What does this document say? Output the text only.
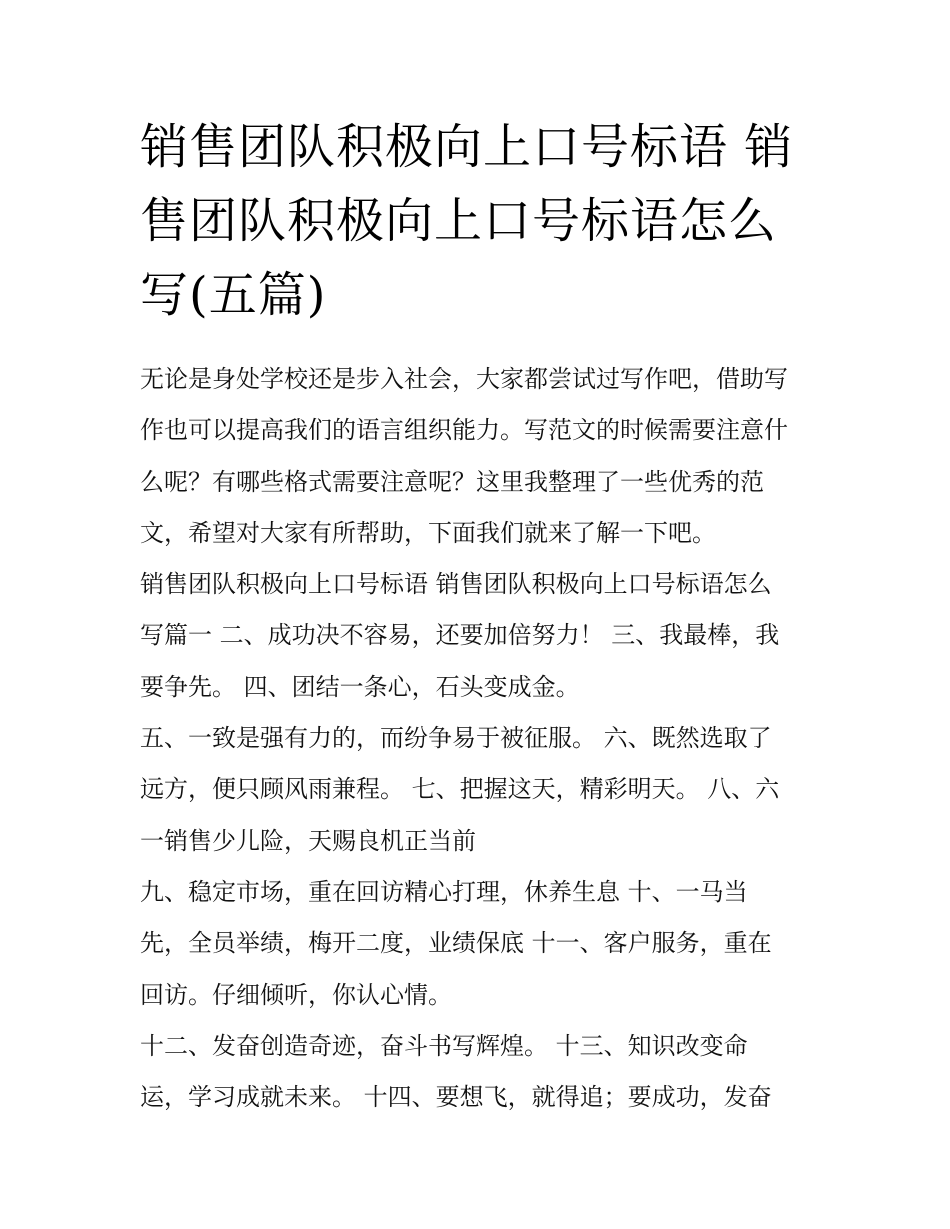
销售团队积极向上口号标语 销
售团队积极向上口号标语怎么
写(五篇)
无论是身处学校还是步入社会，大家都尝试过写作吧，借助写
作也可以提高我们的语言组织能力。写范文的时候需要注意什
么呢？有哪些格式需要注意呢？这里我整理了一些优秀的范
文，希望对大家有所帮助，下面我们就来了解一下吧。
销售团队积极向上口号标语 销售团队积极向上口号标语怎么
写篇一 二、成功决不容易，还要加倍努力！ 三、我最棒，我
要争先。 四、团结一条心，石头变成金。
五、一致是强有力的，而纷争易于被征服。 六、既然选取了
远方，便只顾风雨兼程。 七、把握这天，精彩明天。 八、六
一销售少儿险，天赐良机正当前
九、稳定市场，重在回访精心打理，休养生息 十、一马当
先，全员举绩，梅开二度，业绩保底 十一、客户服务，重在
回访。仔细倾听，你认心情。
十二、发奋创造奇迹，奋斗书写辉煌。 十三、知识改变命
运，学习成就未来。 十四、要想飞，就得追；要成功，发奋
